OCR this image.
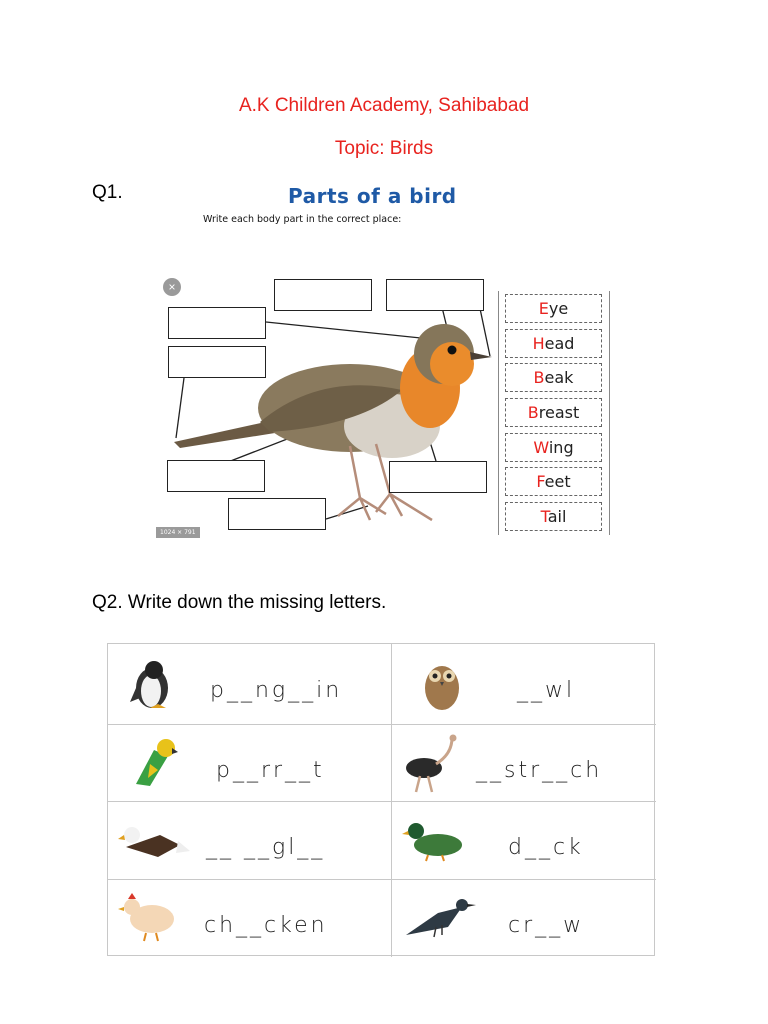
A.K Children Academy, Sahibabad
Topic: Birds
Q1.	Parts of a bird
Write each body part in the correct place:
×
1024 × 791
Eye
Head
Beak
Breast
Wing
Feet
Tail
Q2. Write down the missing letters.
p__ng__in	__wl
p__rr__t	__str__ch
__ __gl__	d__ck
ch__cken	cr__w
